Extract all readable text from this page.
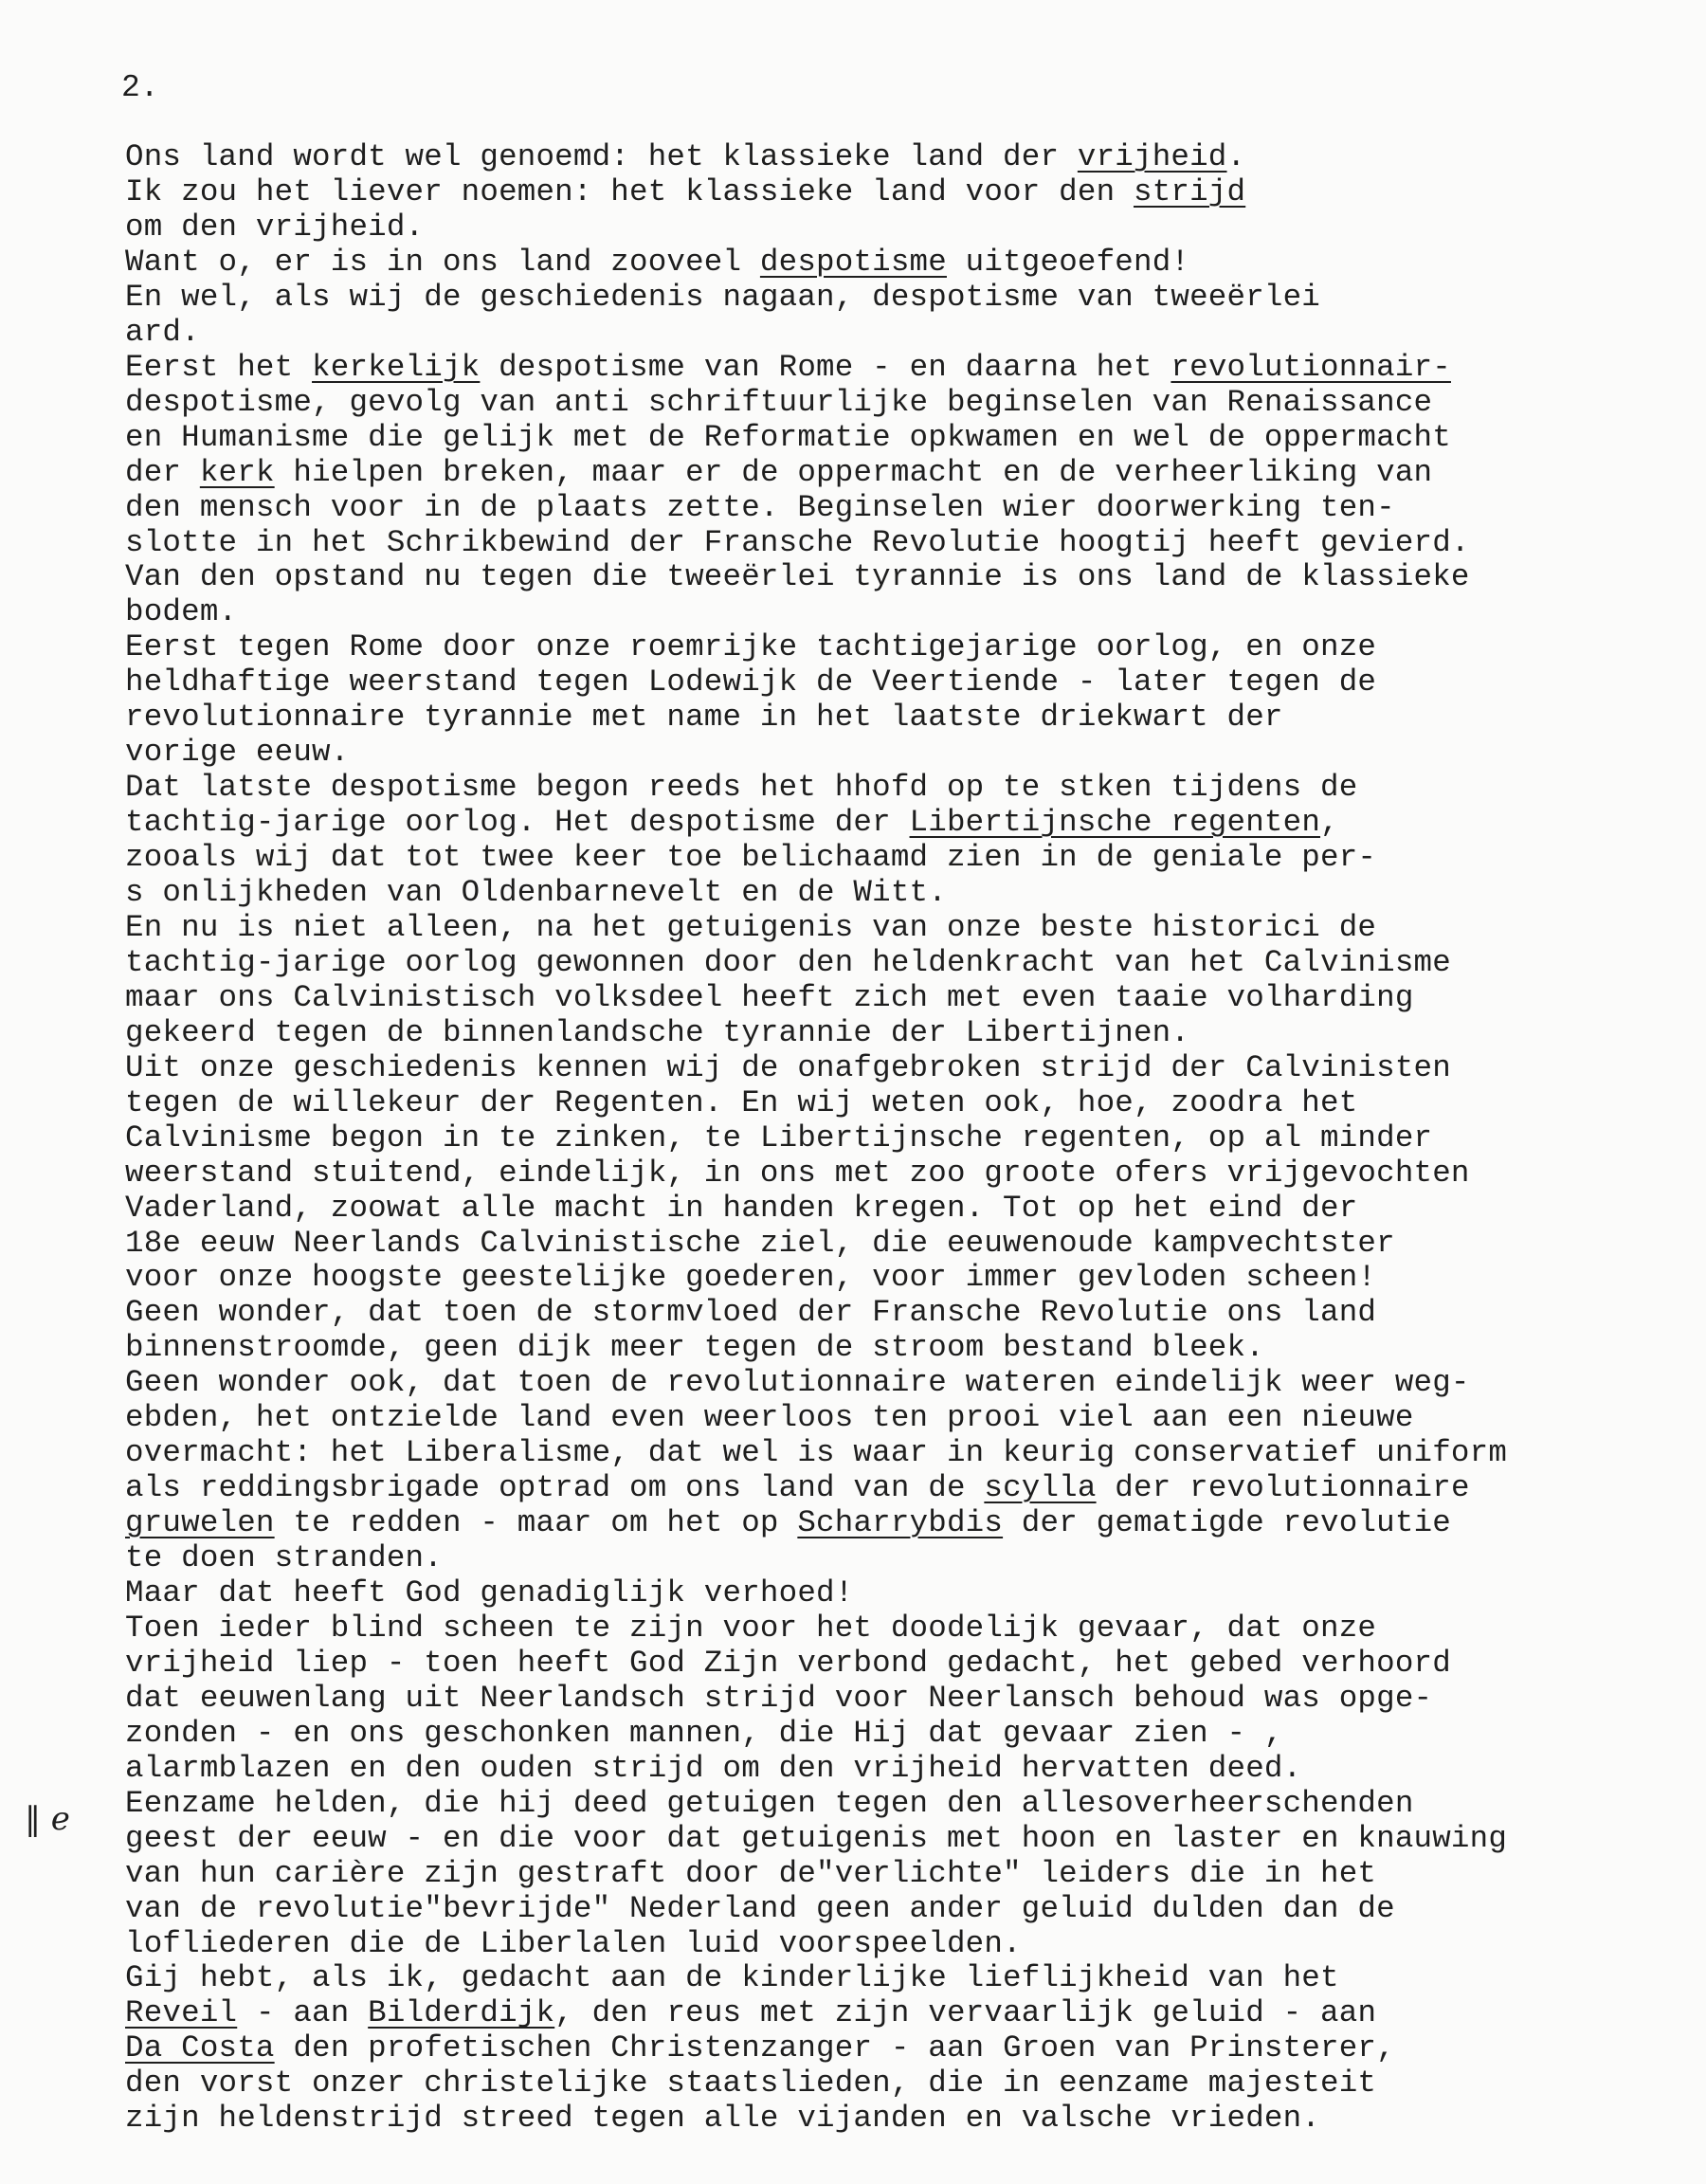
2.
‖ e
Ons land wordt wel genoemd: het klassieke land der vrijheid.
Ik zou het liever noemen: het klassieke land voor den strijd
om den vrijheid.
Want o, er is in ons land zooveel despotisme uitgeoefend!
En wel, als wij de geschiedenis nagaan, despotisme van tweeërlei
ard.
Eerst het kerkelijk despotisme van Rome - en daarna het revolutionnair-
despotisme, gevolg van anti schriftuurlijke beginselen van Renaissance
en Humanisme die gelijk met de Reformatie opkwamen en wel de oppermacht
der kerk hielpen breken, maar er de oppermacht en de verheerliking van
den mensch voor in de plaats zette. Beginselen wier doorwerking ten-
slotte in het Schrikbewind der Fransche Revolutie hoogtij heeft gevierd.
Van den opstand nu tegen die tweeërlei tyrannie is ons land de klassieke
bodem.
Eerst tegen Rome door onze roemrijke tachtigejarige oorlog, en onze
heldhaftige weerstand tegen Lodewijk de Veertiende - later tegen de
revolutionnaire tyrannie met name in het laatste driekwart der
vorige eeuw.
Dat latste despotisme begon reeds het hhofd op te stken tijdens de
tachtig-jarige oorlog. Het despotisme der Libertijnsche regenten,
zooals wij dat tot twee keer toe belichaamd zien in de geniale per-
s onlijkheden van Oldenbarnevelt en de Witt.
En nu is niet alleen, na het getuigenis van onze beste historici de
tachtig-jarige oorlog gewonnen door den heldenkracht van het Calvinisme
maar ons Calvinistisch volksdeel heeft zich met even taaie volharding
gekeerd tegen de binnenlandsche tyrannie der Libertijnen.
Uit onze geschiedenis kennen wij de onafgebroken strijd der Calvinisten
tegen de willekeur der Regenten. En wij weten ook, hoe, zoodra het
Calvinisme begon in te zinken, te Libertijnsche regenten, op al minder
weerstand stuitend, eindelijk, in ons met zoo groote ofers vrijgevochten
Vaderland, zoowat alle macht in handen kregen. Tot op het eind der
18e eeuw Neerlands Calvinistische ziel, die eeuwenoude kampvechtster
voor onze hoogste geestelijke goederen, voor immer gevloden scheen!
Geen wonder, dat toen de stormvloed der Fransche Revolutie ons land
binnenstroomde, geen dijk meer tegen de stroom bestand bleek.
Geen wonder ook, dat toen de revolutionnaire wateren eindelijk weer weg-
ebden, het ontzielde land even weerloos ten prooi viel aan een nieuwe
overmacht: het Liberalisme, dat wel is waar in keurig conservatief uniform
als reddingsbrigade optrad om ons land van de scylla der revolutionnaire
gruwelen te redden - maar om het op Scharrybdis der gematigde revolutie
te doen stranden.
Maar dat heeft God genadiglijk verhoed!
Toen ieder blind scheen te zijn voor het doodelijk gevaar, dat onze
vrijheid liep - toen heeft God Zijn verbond gedacht, het gebed verhoord
dat eeuwenlang uit Neerlandsch strijd voor Neerlansch behoud was opge-
zonden - en ons geschonken mannen, die Hij dat gevaar zien - ,
alarmblazen en den ouden strijd om den vrijheid hervatten deed.
Eenzame helden, die hij deed getuigen tegen den allesoverheerschenden
geest der eeuw - en die voor dat getuigenis met hoon en laster en knauwing
van hun carière zijn gestraft door de"verlichte" leiders die in het
van de revolutie"bevrijde" Nederland geen ander geluid dulden dan de
lofliederen die de Liberlalen luid voorspeelden.
Gij hebt, als ik, gedacht aan de kinderlijke lieflijkheid van het
Reveil - aan Bilderdijk, den reus met zijn vervaarlijk geluid - aan
Da Costa den profetischen Christenzanger - aan Groen van Prinsterer,
den vorst onzer christelijke staatslieden, die in eenzame majesteit
zijn heldenstrijd streed tegen alle vijanden en valsche vrieden.
